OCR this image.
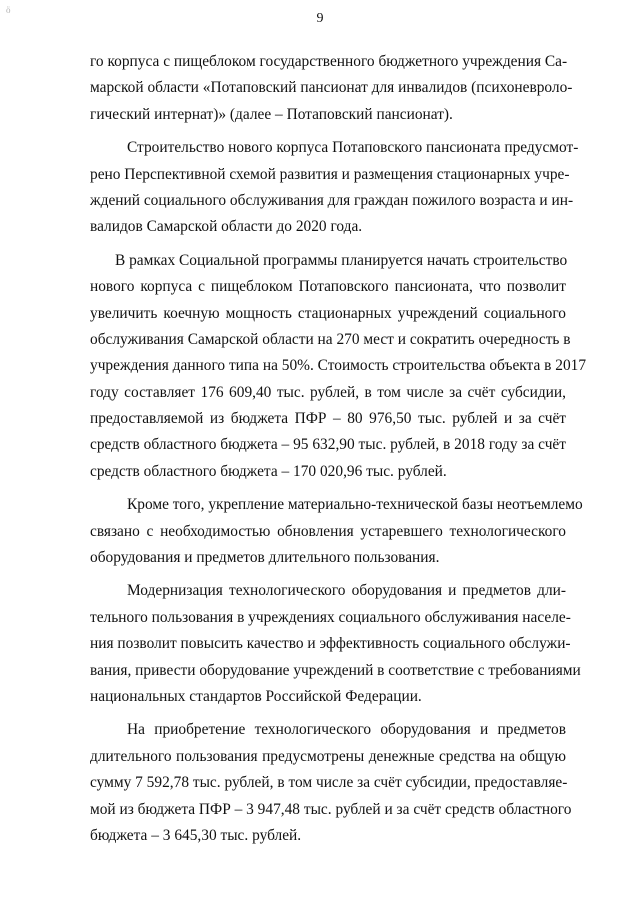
ӧ
9
го корпуса с пищеблоком государственного бюджетного учреждения Са-
марской области «Потаповский пансионат для инвалидов (психоневроло-
гический интернат)» (далее – Потаповский пансионат).
Строительство нового корпуса Потаповского пансионата предусмот-
рено Перспективной схемой развития и размещения стационарных учре-
ждений социального обслуживания для граждан пожилого возраста и ин-
валидов Самарской области до 2020 года.
В рамках Социальной программы планируется начать строительство
нового корпуса с пищеблоком Потаповского пансионата, что позволит
увеличить коечную мощность стационарных учреждений социального
обслуживания Самарской области на 270 мест и сократить очередность в
учреждения данного типа на 50%. Стоимость строительства объекта в 2017
году составляет 176 609,40 тыс. рублей, в том числе за счёт субсидии,
предоставляемой из бюджета ПФР – 80 976,50 тыс. рублей и за счёт
средств областного бюджета – 95 632,90 тыс. рублей, в 2018 году за счёт
средств областного бюджета – 170 020,96 тыс. рублей.
Кроме того, укрепление материально-технической базы неотъемлемо
связано с необходимостью обновления устаревшего технологического
оборудования и предметов длительного пользования.
Модернизация технологического оборудования и предметов дли-
тельного пользования в учреждениях социального обслуживания населе-
ния позволит повысить качество и эффективность социального обслужи-
вания, привести оборудование учреждений в соответствие с требованиями
национальных стандартов Российской Федерации.
На приобретение технологического оборудования и предметов
длительного пользования предусмотрены денежные средства на общую
сумму 7 592,78 тыс. рублей, в том числе за счёт субсидии, предоставляе-
мой из бюджета ПФР – 3 947,48 тыс. рублей и за счёт средств областного
бюджета – 3 645,30 тыс. рублей.
